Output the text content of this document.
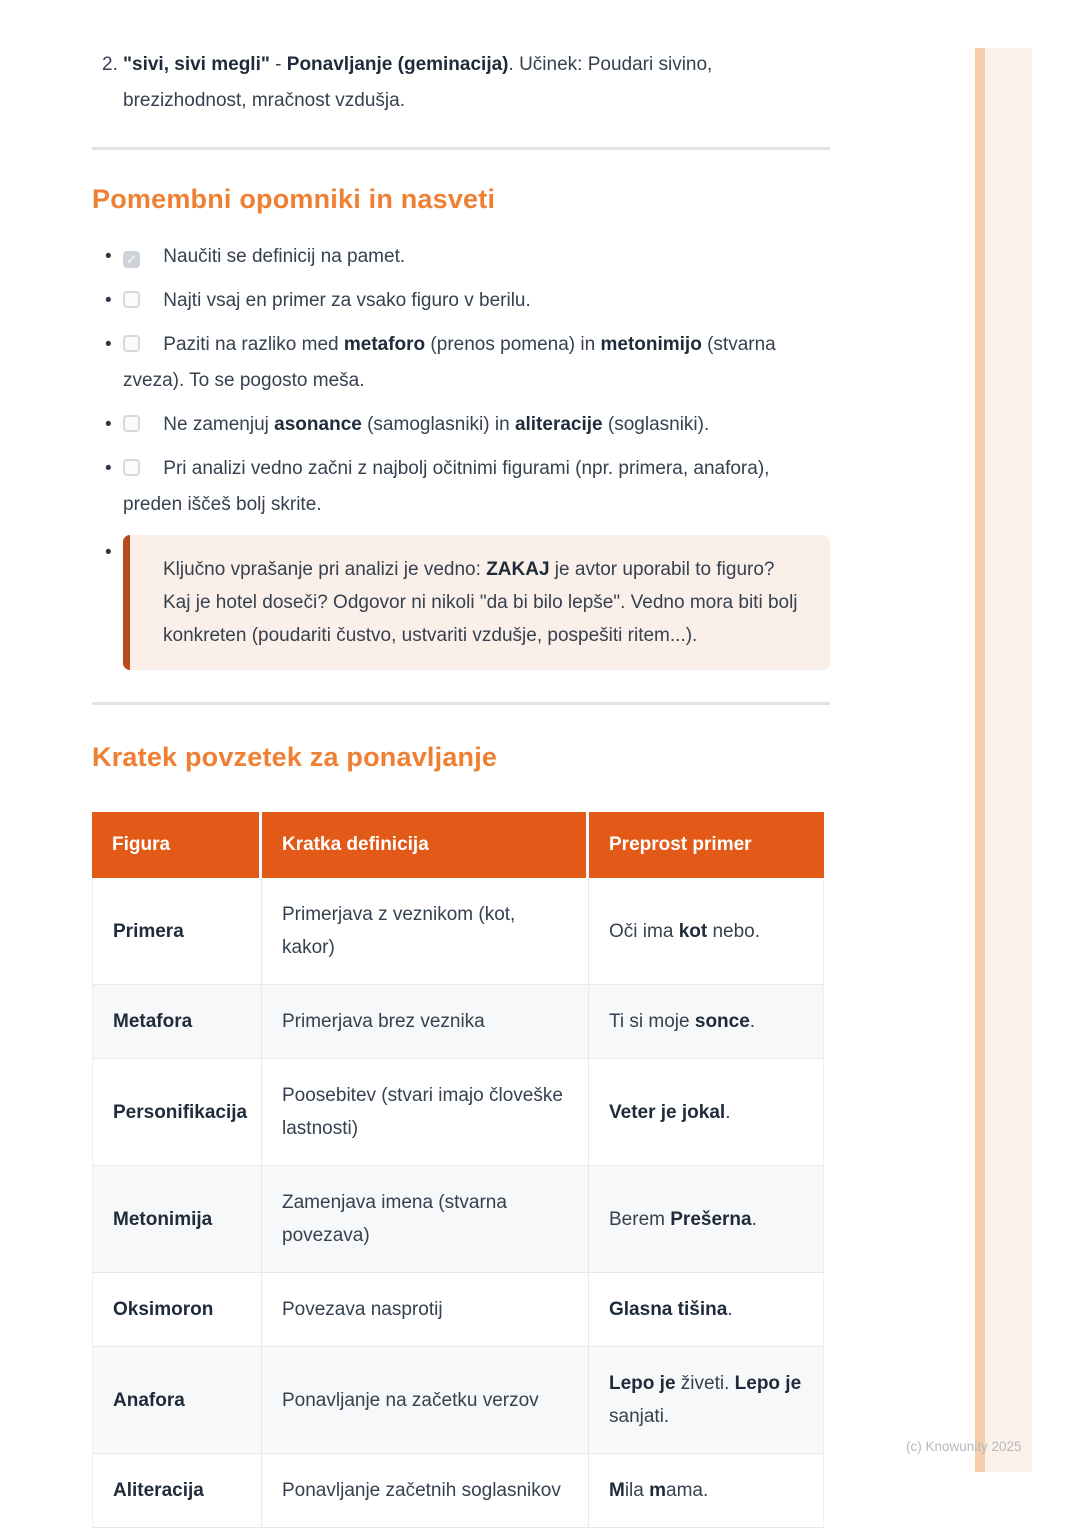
2. "sivi, sivi megli" - Ponavljanje (geminacija). Učinek: Poudari sivino, brezizhodnost, mračnost vzdušja.
Pomembni opomniki in nasveti
• ✓ Naučiti se definicij na pamet.
• Najti vsaj en primer za vsako figuro v berilu.
• Paziti na razliko med metaforo (prenos pomena) in metonimijo (stvarna zveza). To se pogosto meša.
• Ne zamenjuj asonance (samoglasniki) in aliteracije (soglasniki).
• Pri analizi vedno začni z najbolj očitnimi figurami (npr. primera, anafora), preden iščeš bolj skrite.
• Ključno vprašanje pri analizi je vedno: ZAKAJ je avtor uporabil to figuro? Kaj je hotel doseči? Odgovor ni nikoli "da bi bilo lepše". Vedno mora biti bolj konkreten (poudariti čustvo, ustvariti vzdušje, pospešiti ritem...).
Kratek povzetek za ponavljanje
Figura	Kratka definicija	Preprost primer
Primera	Primerjava z veznikom (kot, kakor)	Oči ima kot nebo.
Metafora	Primerjava brez veznika	Ti si moje sonce.
Personifikacija	Poosebitev (stvari imajo človeške lastnosti)	Veter je jokal.
Metonimija	Zamenjava imena (stvarna povezava)	Berem Prešerna.
Oksimoron	Povezava nasprotij	Glasna tišina.
Anafora	Ponavljanje na začetku verzov	Lepo je živeti. Lepo je sanjati.
Aliteracija	Ponavljanje začetnih soglasnikov	Mila mama.
(c) Knowunity 2025
